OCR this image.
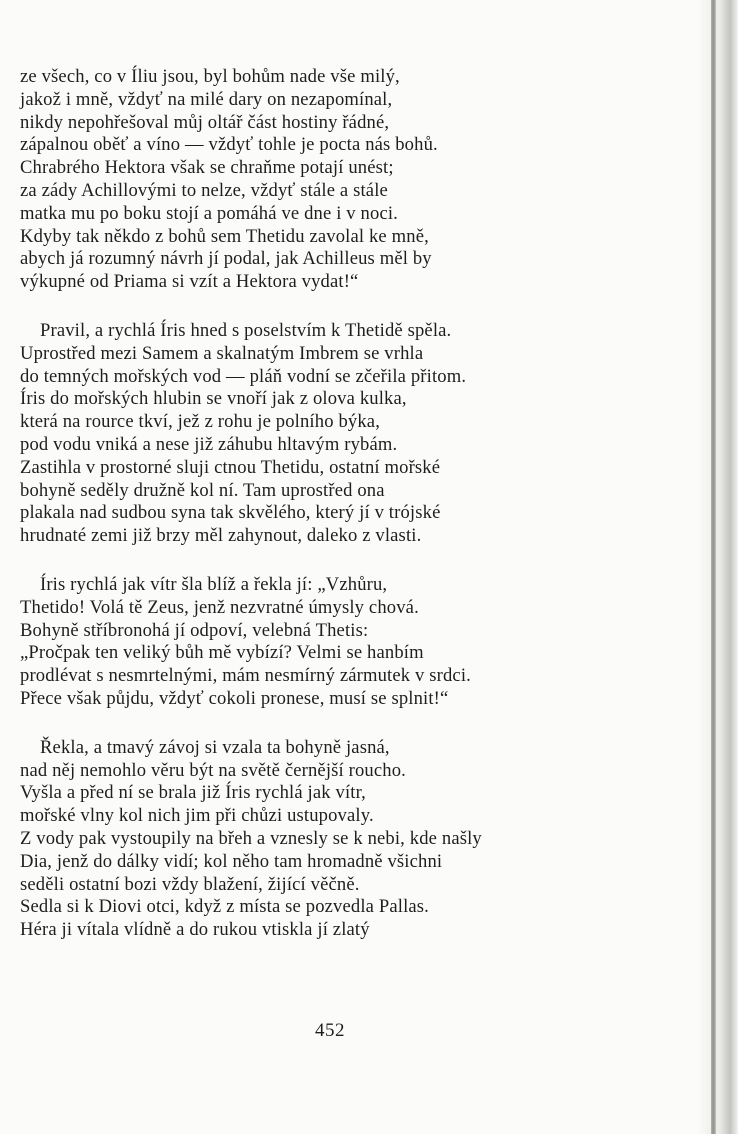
ze všech, co v Íliu jsou, byl bohům nade vše milý,
jakož i mně, vždyť na milé dary on nezapomínal,
nikdy nepohřešoval můj oltář část hostiny řádné,
zápalnou oběť a víno — vždyť tohle je pocta nás bohů.
Chrabrého Hektora však se chraňme potají unést;
za zády Achillovými to nelze, vždyť stále a stále
matka mu po boku stojí a pomáhá ve dne i v noci.
Kdyby tak někdo z bohů sem Thetidu zavolal ke mně,
abych já rozumný návrh jí podal, jak Achilleus měl by
výkupné od Priama si vzít a Hektora vydat!“
Pravil, a rychlá Íris hned s poselstvím k Thetidě spěla.
Uprostřed mezi Samem a skalnatým Imbrem se vrhla
do temných mořských vod — pláň vodní se zčeřila přitom.
Íris do mořských hlubin se vnoří jak z olova kulka,
která na rource tkví, jež z rohu je polního býka,
pod vodu vniká a nese již záhubu hltavým rybám.
Zastihla v prostorné sluji ctnou Thetidu, ostatní mořské
bohyně seděly družně kol ní. Tam uprostřed ona
plakala nad sudbou syna tak skvělého, který jí v trójské
hrudnaté zemi již brzy měl zahynout, daleko z vlasti.
Íris rychlá jak vítr šla blíž a řekla jí: „Vzhůru,
Thetido! Volá tě Zeus, jenž nezvratné úmysly chová.
Bohyně stříbronohá jí odpoví, velebná Thetis:
„Pročpak ten veliký bůh mě vybízí? Velmi se hanbím
prodlévat s nesmrtelnými, mám nesmírný zármutek v srdci.
Přece však půjdu, vždyť cokoli pronese, musí se splnit!“
Řekla, a tmavý závoj si vzala ta bohyně jasná,
nad něj nemohlo věru být na světě černější roucho.
Vyšla a před ní se brala již Íris rychlá jak vítr,
mořské vlny kol nich jim při chůzi ustupovaly.
Z vody pak vystoupily na břeh a vznesly se k nebi, kde našly
Dia, jenž do dálky vidí; kol něho tam hromadně všichni
seděli ostatní bozi vždy blažení, žijící věčně.
Sedla si k Diovi otci, když z místa se pozvedla Pallas.
Héra ji vítala vlídně a do rukou vtiskla jí zlatý
452
